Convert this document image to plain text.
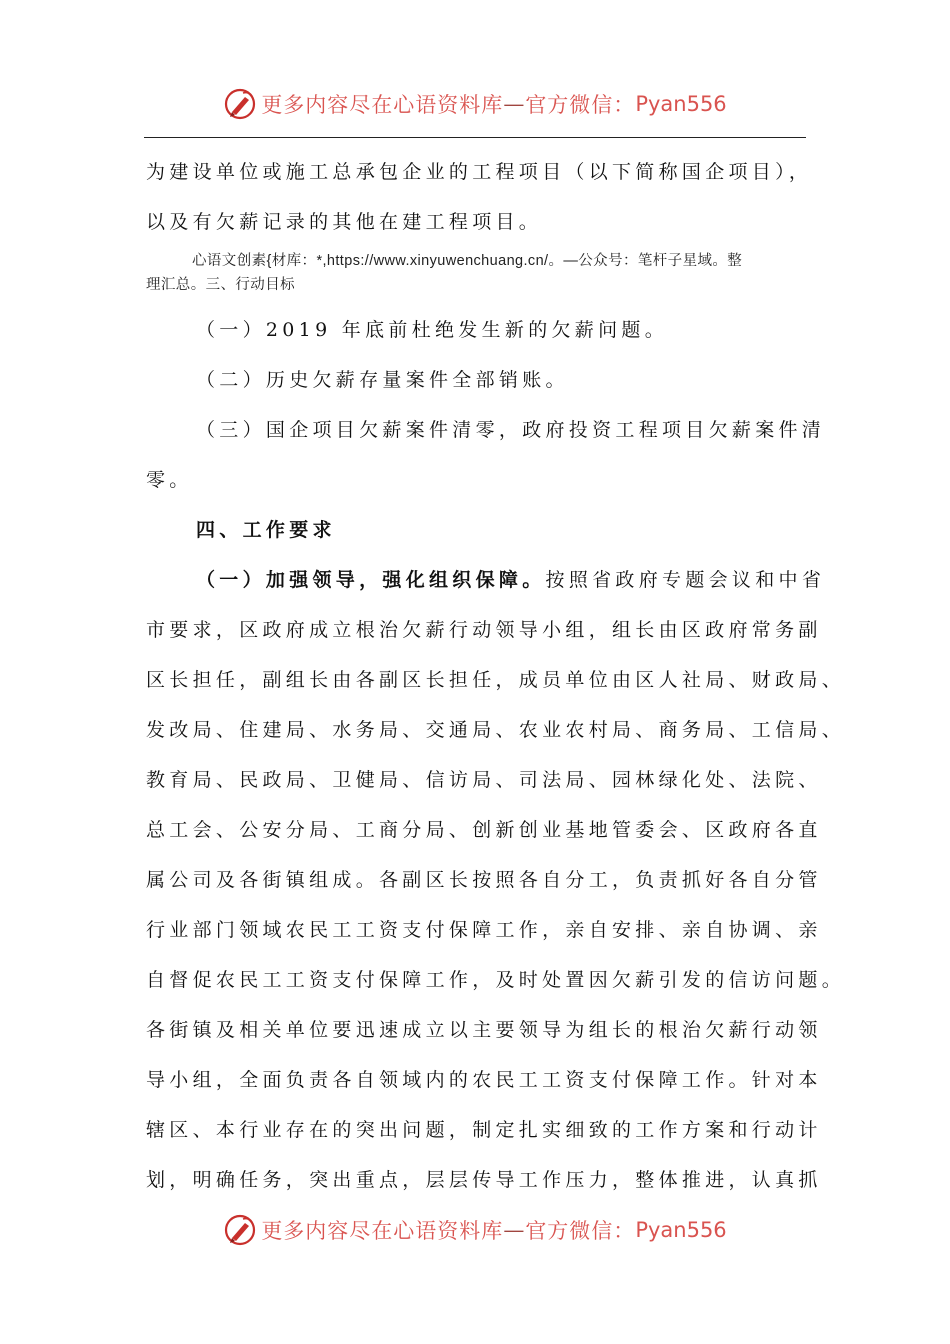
更多内容尽在心语资料库 — 官方微信： Pyan556

为建设单位或施工总承包企业的工程项目（以下简称国企项目），

以及有欠薪记录的其他在建工程项目。

心语文创素{材库：*,https://www.xinyuwenchuang.cn/。—公众号：笔杆子星域。整
理汇总。三、行动目标

（一）2019 年底前杜绝发生新的欠薪问题。

（二）历史欠薪存量案件全部销账。

（三）国企项目欠薪案件清零，政府投资工程项目欠薪案件清

零。

四、工作要求

（一）加强领导，强化组织保障。按照省政府专题会议和中省

市要求，区政府成立根治欠薪行动领导小组，组长由区政府常务副

区长担任，副组长由各副区长担任，成员单位由区人社局、财政局、

发改局、住建局、水务局、交通局、农业农村局、商务局、工信局、

教育局、民政局、卫健局、信访局、司法局、园林绿化处、法院、

总工会、公安分局、工商分局、创新创业基地管委会、区政府各直

属公司及各街镇组成。各副区长按照各自分工，负责抓好各自分管

行业部门领域农民工工资支付保障工作，亲自安排、亲自协调、亲

自督促农民工工资支付保障工作，及时处置因欠薪引发的信访问题。

各街镇及相关单位要迅速成立以主要领导为组长的根治欠薪行动领

导小组，全面负责各自领域内的农民工工资支付保障工作。针对本

辖区、本行业存在的突出问题，制定扎实细致的工作方案和行动计

划，明确任务，突出重点，层层传导工作压力，整体推进，认真抓

更多内容尽在心语资料库 — 官方微信： Pyan556
